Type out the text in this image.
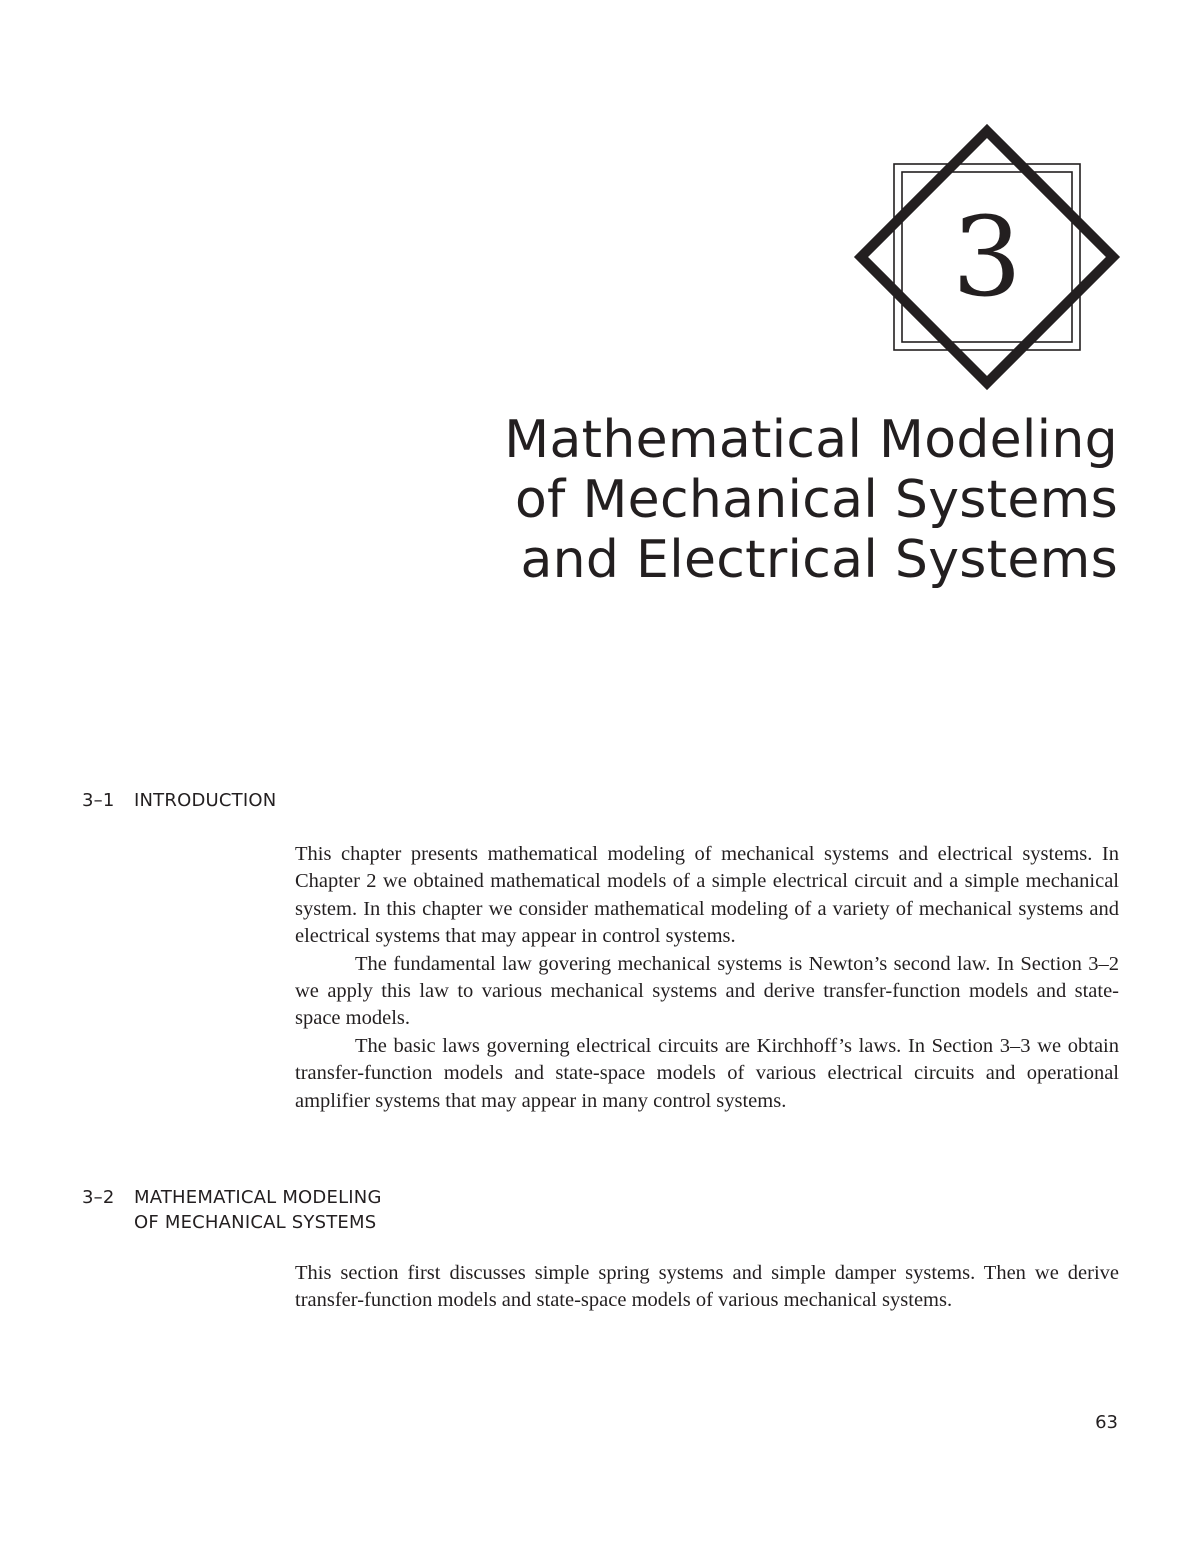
3
Mathematical Modeling
of Mechanical Systems
and Electrical Systems
3–1 INTRODUCTION

This chapter presents mathematical modeling of mechanical systems and electrical systems. In Chapter 2 we obtained mathematical models of a simple electrical circuit and a simple mechanical system. In this chapter we consider mathematical modeling of a variety of mechanical systems and electrical systems that may appear in control systems.

The fundamental law govering mechanical systems is Newton’s second law. In Section 3–2 we apply this law to various mechanical systems and derive transfer-function models and state-space models.

The basic laws governing electrical circuits are Kirchhoff’s laws. In Section 3–3 we obtain transfer-function models and state-space models of various electrical circuits and operational amplifier systems that may appear in many control systems.

3–2 MATHEMATICAL MODELING
OF MECHANICAL SYSTEMS

This section first discusses simple spring systems and simple damper systems. Then we derive transfer-function models and state-space models of various mechanical systems.

63
